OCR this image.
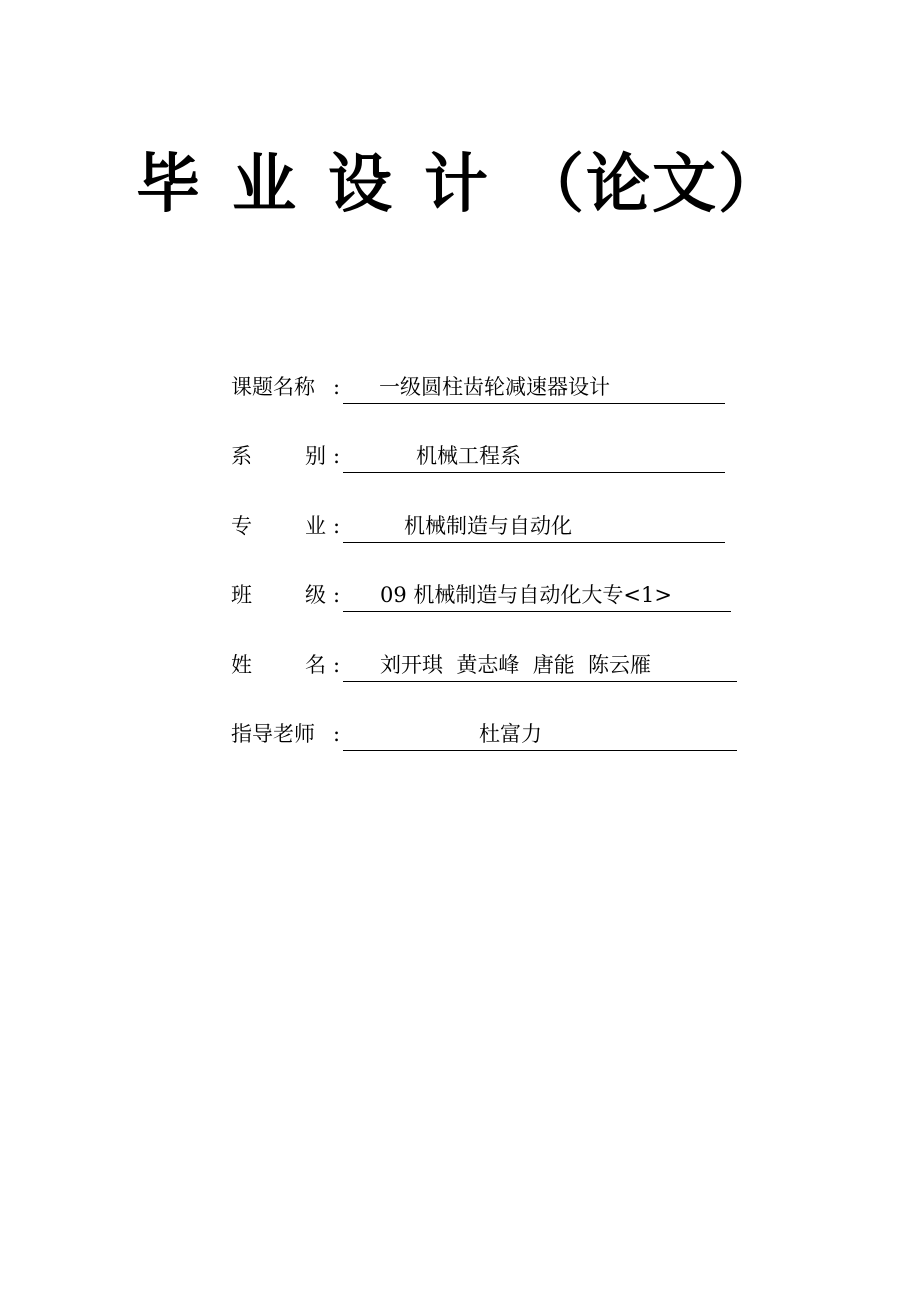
毕 业 设 计 （论文）
课题名称 : 一级圆柱齿轮减速器设计
系	别 :	机械工程系
专	业 :	机械制造与自动化
班	级 : 09 机械制造与自动化大专<1>
姓	名 : 刘开琪  黄志峰  唐能  陈云雁
指导老师 :	杜富力
